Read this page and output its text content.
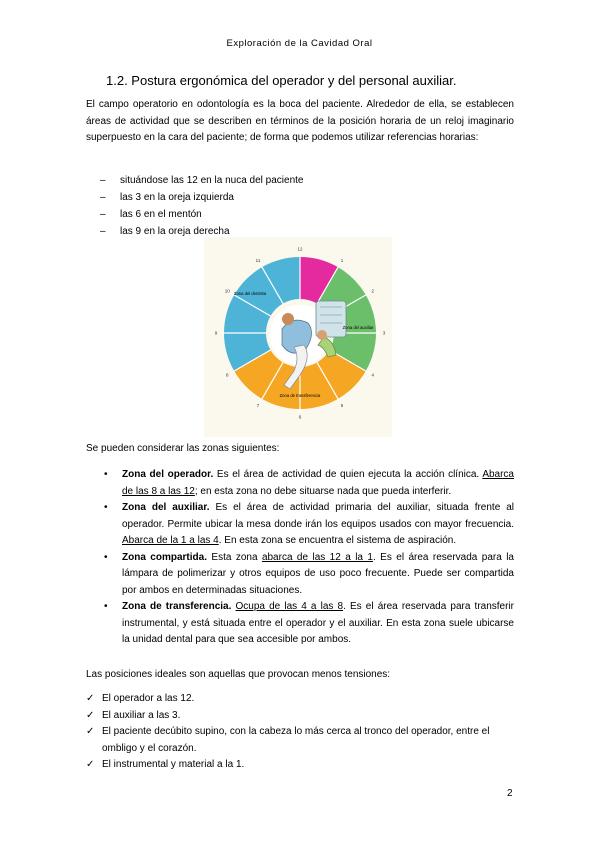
Exploración de la Cavidad Oral
1.2. Postura ergonómica del operador y del personal auxiliar.
El campo operatorio en odontología es la boca del paciente. Alrededor de ella, se establecen áreas de actividad que se describen en términos de la posición horaria de un reloj imaginario superpuesto en la cara del paciente; de forma que podemos utilizar referencias horarias:
– situándose las 12 en la nuca del paciente
– las 3 en la oreja izquierda
– las 6 en el mentón
– las 9 en la oreja derecha
12
1
2
3
4
5
6
7
8
9
10
11
Zona del dentista
Zona del auxiliar
Zona de transferencia
Se pueden considerar las zonas siguientes:
• Zona del operador. Es el área de actividad de quien ejecuta la acción clínica. Abarca de las 8 a las 12; en esta zona no debe situarse nada que pueda interferir.
• Zona del auxiliar. Es el área de actividad primaria del auxiliar, situada frente al operador. Permite ubicar la mesa donde irán los equipos usados con mayor frecuencia. Abarca de la 1 a las 4. En esta zona se encuentra el sistema de aspiración.
• Zona compartida. Esta zona abarca de las 12 a la 1. Es el área reservada para la lámpara de polimerizar y otros equipos de uso poco frecuente. Puede ser compartida por ambos en determinadas situaciones.
• Zona de transferencia. Ocupa de las 4 a las 8. Es el área reservada para transferir instrumental, y está situada entre el operador y el auxiliar. En esta zona suele ubicarse la unidad dental para que sea accesible por ambos.
Las posiciones ideales son aquellas que provocan menos tensiones:
✓ El operador a las 12.
✓ El auxiliar a las 3.
✓ El paciente decúbito supino, con la cabeza lo más cerca al tronco del operador, entre el ombligo y el corazón.
✓ El instrumental y material a la 1.
2
